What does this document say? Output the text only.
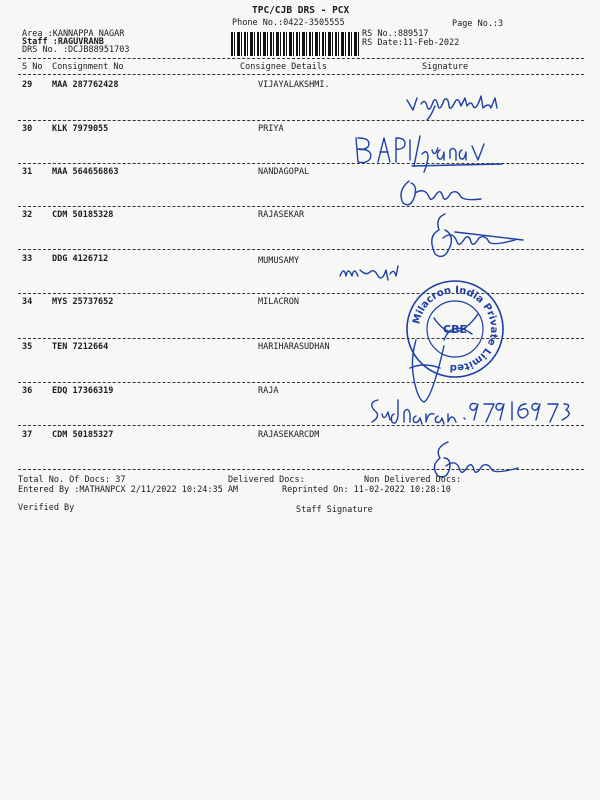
TPC/CJB DRS - PCX
Phone No.:0422-3505555
Area :KANNAPPA NAGAR
Staff :RAGUVRANB
DRS No. :DCJB88951703
RS No.:889517
RS Date:11-Feb-2022
Page No.:3
S No Consignment No	Consignee Details	Signature
29 MAA 287762428	VIJAYALAKSHMI.
30 KLK 7979055	PRIYA
31 MAA 564656863	NANDAGOPAL
32 CDM 50185328	RAJASEKAR
33 DDG 4126712	MUMUSAMY
34 MYS 25737652	MILACRON
35 TEN 7212664	HARIHARASUDHAN
36 EDQ 17366319	RAJA
37 CDM 50185327	RAJASEKARCDM
Milacron India Private Limited
CBE
Total No. Of Docs: 37	Delivered Docs:	Non Delivered Docs:
Entered By :MATHANPCX 2/11/2022 10:24:35 AM	Reprinted On: 11-02-2022 10:28:10
Verified By	Staff Signature
